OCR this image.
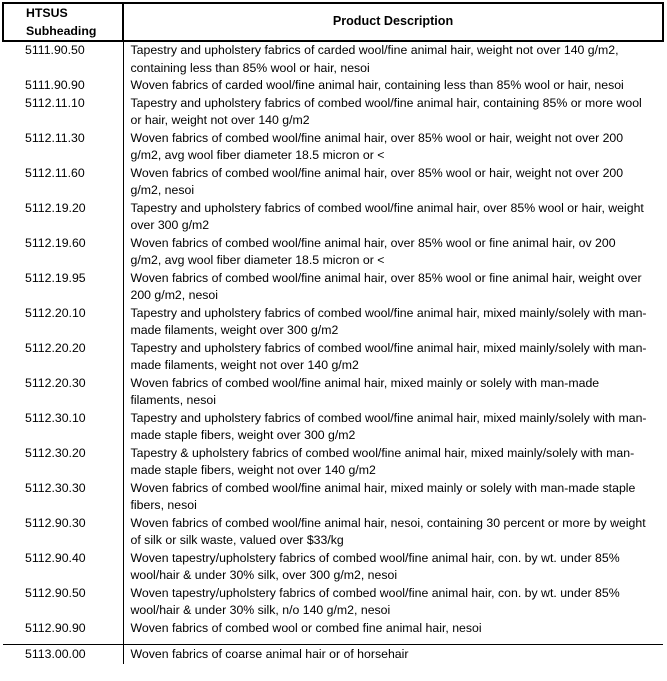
HTSUS Subheading	Product Description
5111.90.50	Tapestry and upholstery fabrics of carded wool/fine animal hair, weight not over 140 g/m2, containing less than 85% wool or hair, nesoi
5111.90.90	Woven fabrics of carded wool/fine animal hair, containing less than 85% wool or hair, nesoi
5112.11.10	Tapestry and upholstery fabrics of combed wool/fine animal hair, containing 85% or more wool or hair, weight not over 140 g/m2
5112.11.30	Woven fabrics of combed wool/fine animal hair, over 85% wool or hair, weight not over 200 g/m2, avg wool fiber diameter 18.5 micron or <
5112.11.60	Woven fabrics of combed wool/fine animal hair, over 85% wool or hair, weight not over 200 g/m2, nesoi
5112.19.20	Tapestry and upholstery fabrics of combed wool/fine animal hair, over 85% wool or hair, weight over 300 g/m2
5112.19.60	Woven fabrics of combed wool/fine animal hair, over 85% wool or fine animal hair, ov 200 g/m2, avg wool fiber diameter 18.5 micron or <
5112.19.95	Woven fabrics of combed wool/fine animal hair, over 85% wool or fine animal hair, weight over 200 g/m2, nesoi
5112.20.10	Tapestry and upholstery fabrics of combed wool/fine animal hair, mixed mainly/solely with man-made filaments, weight over 300 g/m2
5112.20.20	Tapestry and upholstery fabrics of combed wool/fine animal hair, mixed mainly/solely with man-made filaments, weight not over 140 g/m2
5112.20.30	Woven fabrics of combed wool/fine animal hair, mixed mainly or solely with man-made filaments, nesoi
5112.30.10	Tapestry and upholstery fabrics of combed wool/fine animal hair, mixed mainly/solely with man-made staple fibers, weight over 300 g/m2
5112.30.20	Tapestry & upholstery fabrics of combed wool/fine animal hair, mixed mainly/solely with man-made staple fibers, weight not over 140 g/m2
5112.30.30	Woven fabrics of combed wool/fine animal hair, mixed mainly or solely with man-made staple fibers, nesoi
5112.90.30	Woven fabrics of combed wool/fine animal hair, nesoi, containing 30 percent or more by weight of silk or silk waste, valued over $33/kg
5112.90.40	Woven tapestry/upholstery fabrics of combed wool/fine animal hair, con. by wt. under 85% wool/hair & under 30% silk, over 300 g/m2, nesoi
5112.90.50	Woven tapestry/upholstery fabrics of combed wool/fine animal hair, con. by wt. under 85% wool/hair & under 30% silk, n/o 140 g/m2, nesoi
5112.90.90	Woven fabrics of combed wool or combed fine animal hair, nesoi
5113.00.00	Woven fabrics of coarse animal hair or of horsehair
